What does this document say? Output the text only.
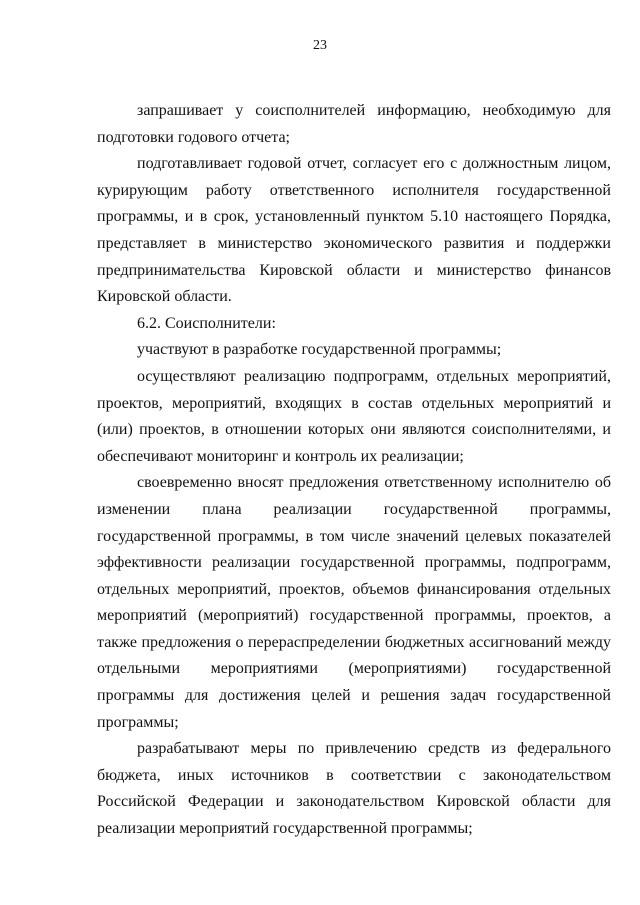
23

запрашивает у соисполнителей информацию, необходимую для подготовки годового отчета;

подготавливает годовой отчет, согласует его с должностным лицом, курирующим работу ответственного исполнителя государственной программы, и в срок, установленный пунктом 5.10 настоящего Порядка, представляет в министерство экономического развития и поддержки предпринимательства Кировской области и министерство финансов Кировской области.

6.2. Соисполнители:

участвуют в разработке государственной программы;

осуществляют реализацию подпрограмм, отдельных мероприятий, проектов, мероприятий, входящих в состав отдельных мероприятий и (или) проектов, в отношении которых они являются соисполнителями, и обеспечивают мониторинг и контроль их реализации;

своевременно вносят предложения ответственному исполнителю об изменении плана реализации государственной программы, государственной программы, в том числе значений целевых показателей эффективности реализации государственной программы, подпрограмм, отдельных мероприятий, проектов, объемов финансирования отдельных мероприятий (мероприятий) государственной программы, проектов, а также предложения о перераспределении бюджетных ассигнований между отдельными мероприятиями (мероприятиями) государственной программы для достижения целей и решения задач государственной программы;

разрабатывают меры по привлечению средств из федерального бюджета, иных источников в соответствии с законодательством Российской Федерации и законодательством Кировской области для реализации мероприятий государственной программы;
